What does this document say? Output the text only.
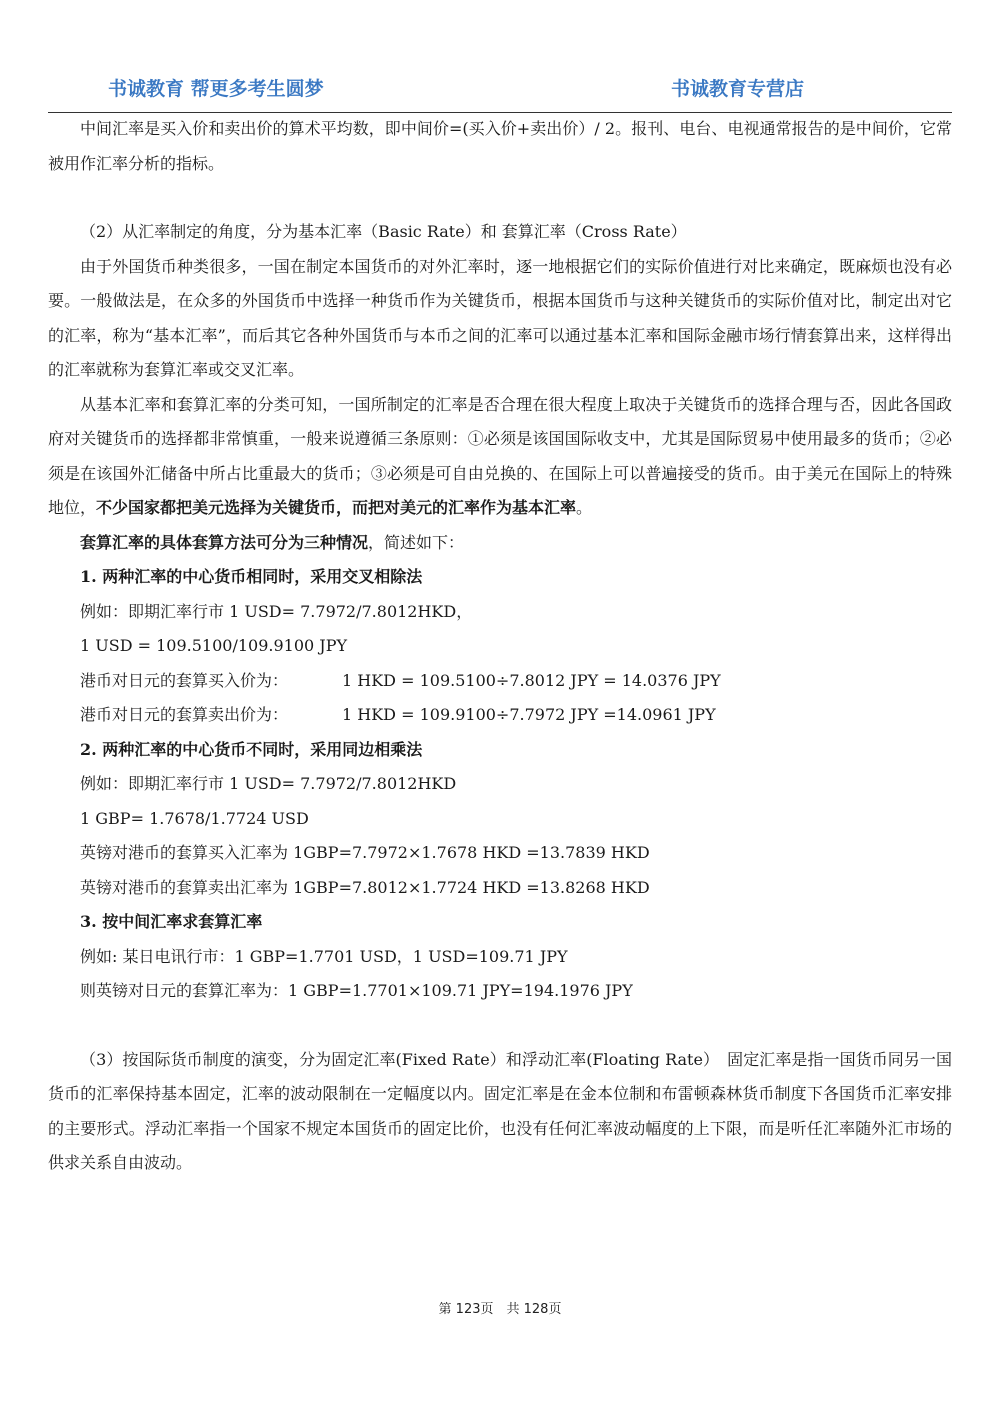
书诚教育 帮更多考生圆梦	书诚教育专营店

中间汇率是买入价和卖出价的算术平均数，即中间价=(买入价+卖出价）/ 2。报刊、电台、电视通常报告的是中间价，它常被用作汇率分析的指标。

（2）从汇率制定的角度，分为基本汇率（Basic Rate）和 套算汇率（Cross Rate）

由于外国货币种类很多，一国在制定本国货币的对外汇率时，逐一地根据它们的实际价值进行对比来确定，既麻烦也没有必要。一般做法是，在众多的外国货币中选择一种货币作为关键货币，根据本国货币与这种关键货币的实际价值对比，制定出对它的汇率，称为“基本汇率”，而后其它各种外国货币与本币之间的汇率可以通过基本汇率和国际金融市场行情套算出来，这样得出的汇率就称为套算汇率或交叉汇率。

从基本汇率和套算汇率的分类可知，一国所制定的汇率是否合理在很大程度上取决于关键货币的选择合理与否，因此各国政府对关键货币的选择都非常慎重，一般来说遵循三条原则：①必须是该国国际收支中，尤其是国际贸易中使用最多的货币；②必须是在该国外汇储备中所占比重最大的货币；③必须是可自由兑换的、在国际上可以普遍接受的货币。由于美元在国际上的特殊地位，不少国家都把美元选择为关键货币，而把对美元的汇率作为基本汇率。

套算汇率的具体套算方法可分为三种情况，简述如下：

1. 两种汇率的中心货币相同时，采用交叉相除法

例如：即期汇率行市 1 USD= 7.7972/7.8012HKD，

1 USD = 109.5100/109.9100 JPY

港币对日元的套算买入价为：	1 HKD = 109.5100÷7.8012 JPY = 14.0376 JPY

港币对日元的套算卖出价为：	1 HKD = 109.9100÷7.7972 JPY =14.0961 JPY

2. 两种汇率的中心货币不同时，采用同边相乘法

例如：即期汇率行市 1 USD= 7.7972/7.8012HKD

1 GBP= 1.7678/1.7724 USD

英镑对港币的套算买入汇率为 1GBP=7.7972×1.7678 HKD =13.7839 HKD

英镑对港币的套算卖出汇率为 1GBP=7.8012×1.7724 HKD =13.8268 HKD

3. 按中间汇率求套算汇率

例如: 某日电讯行市：1 GBP=1.7701 USD，1 USD=109.71 JPY

则英镑对日元的套算汇率为：1 GBP=1.7701×109.71 JPY=194.1976 JPY

（3）按国际货币制度的演变，分为固定汇率(Fixed Rate）和浮动汇率(Floating Rate）　固定汇率是指一国货币同另一国货币的汇率保持基本固定，汇率的波动限制在一定幅度以内。固定汇率是在金本位制和布雷顿森林货币制度下各国货币汇率安排的主要形式。浮动汇率指一个国家不规定本国货币的固定比价，也没有任何汇率波动幅度的上下限，而是听任汇率随外汇市场的供求关系自由波动。

第 123页　共 128页
